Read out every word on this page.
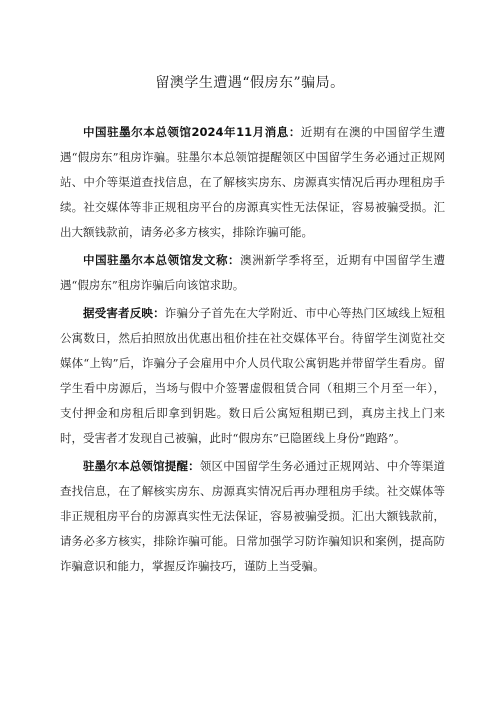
留澳学生遭遇“假房东”骗局。

中国驻墨尔本总领馆2024年11月消息：近期有在澳的中国留学生遭遇“假房东”租房诈骗。驻墨尔本总领馆提醒领区中国留学生务必通过正规网站、中介等渠道查找信息，在了解核实房东、房源真实情况后再办理租房手续。社交媒体等非正规租房平台的房源真实性无法保证，容易被骗受损。汇出大额钱款前，请务必多方核实，排除诈骗可能。

中国驻墨尔本总领馆发文称：澳洲新学季将至，近期有中国留学生遭遇“假房东”租房诈骗后向该馆求助。

据受害者反映：诈骗分子首先在大学附近、市中心等热门区域线上短租公寓数日，然后拍照放出优惠出租价挂在社交媒体平台。待留学生浏览社交媒体“上钩”后，诈骗分子会雇用中介人员代取公寓钥匙并带留学生看房。留学生看中房源后，当场与假中介签署虚假租赁合同（租期三个月至一年），支付押金和房租后即拿到钥匙。数日后公寓短租期已到，真房主找上门来时，受害者才发现自己被骗，此时“假房东”已隐匿线上身份“跑路”。

驻墨尔本总领馆提醒：领区中国留学生务必通过正规网站、中介等渠道查找信息，在了解核实房东、房源真实情况后再办理租房手续。社交媒体等非正规租房平台的房源真实性无法保证，容易被骗受损。汇出大额钱款前，请务必多方核实，排除诈骗可能。日常加强学习防诈骗知识和案例，提高防诈骗意识和能力，掌握反诈骗技巧，谨防上当受骗。
